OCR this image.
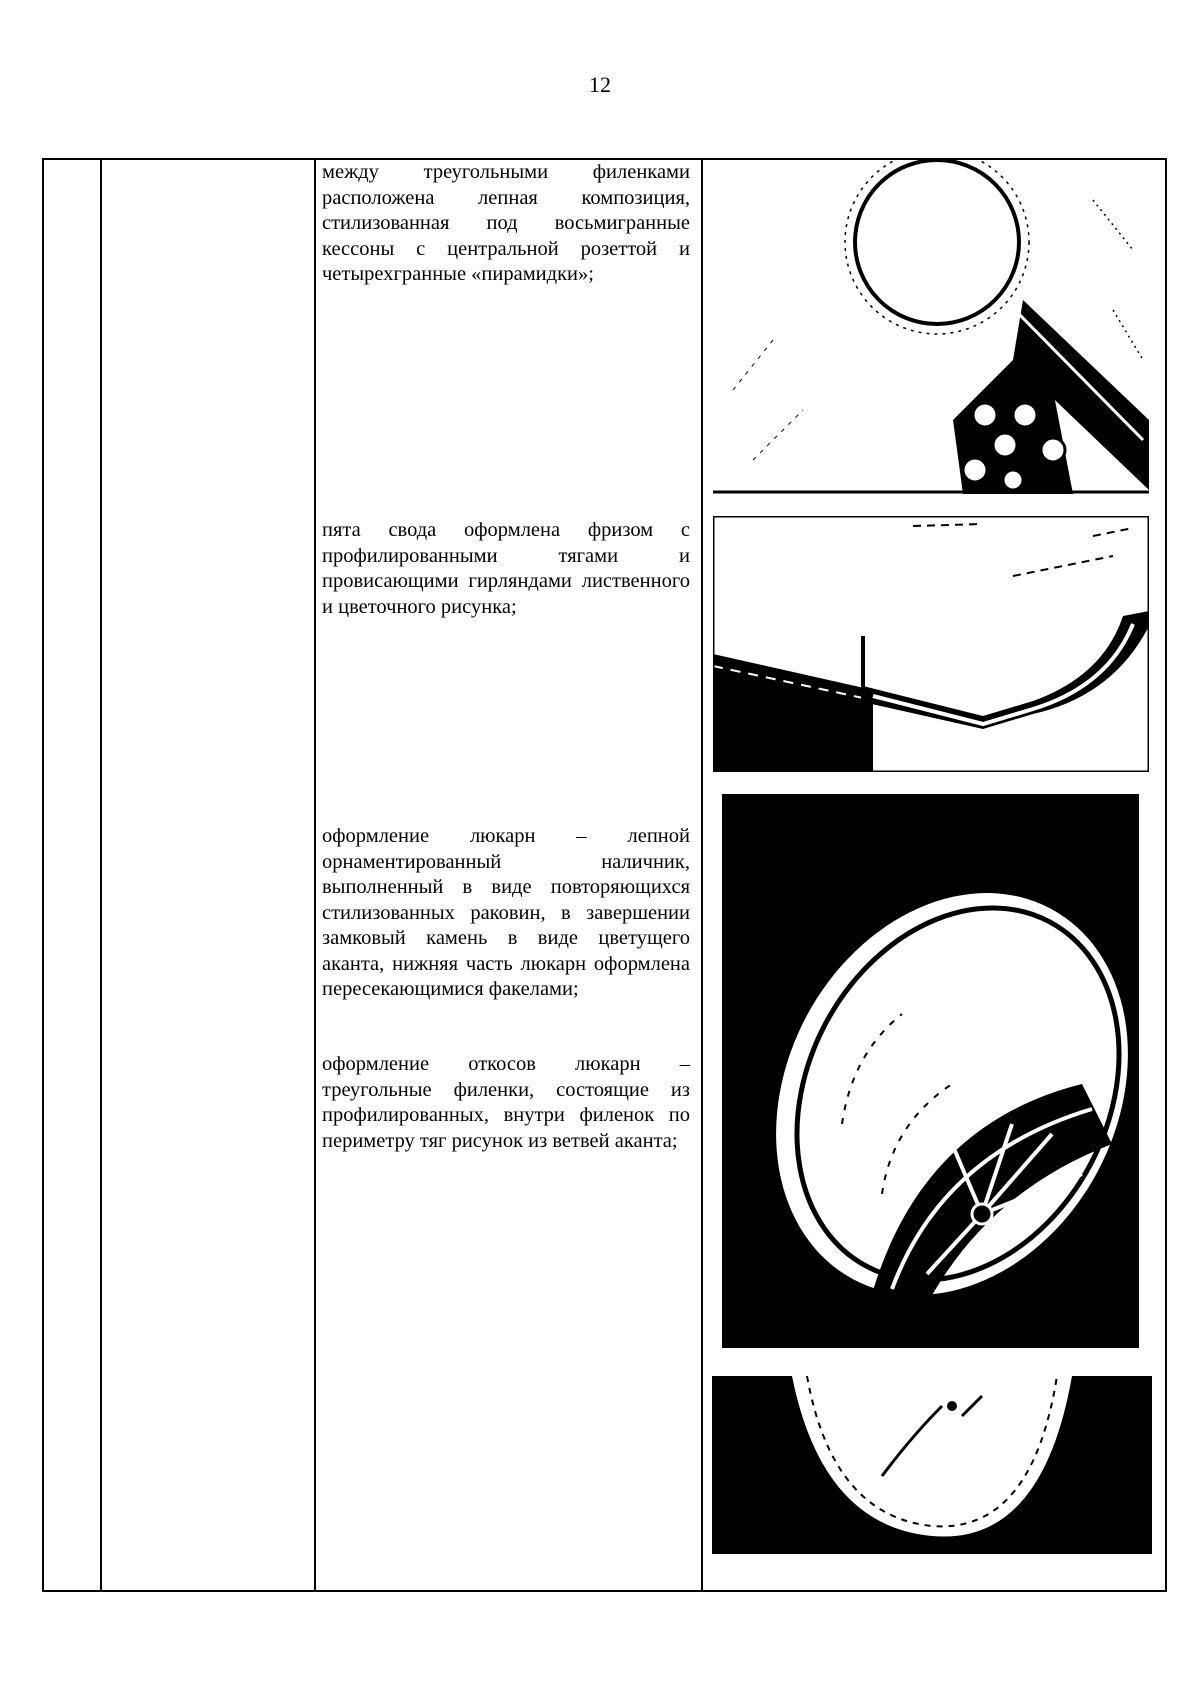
12
между треугольными филенками расположена лепная композиция, стилизованная под восьмигранные кессоны с центральной розеттой и четырехгранные «пирамидки»;
пята свода оформлена фризом с профилированными тягами и провисающими гирляндами лиственного и цветочного рисунка;
оформление люкарн – лепной орнаментированный наличник, выполненный в виде повторяющихся стилизованных раковин, в завершении замковый камень в виде цветущего аканта, нижняя часть люкарн оформлена пересекающимися факелами;
оформление откосов люкарн – треугольные филенки, состоящие из профилированных, внутри филенок по периметру тяг рисунок из ветвей аканта;
